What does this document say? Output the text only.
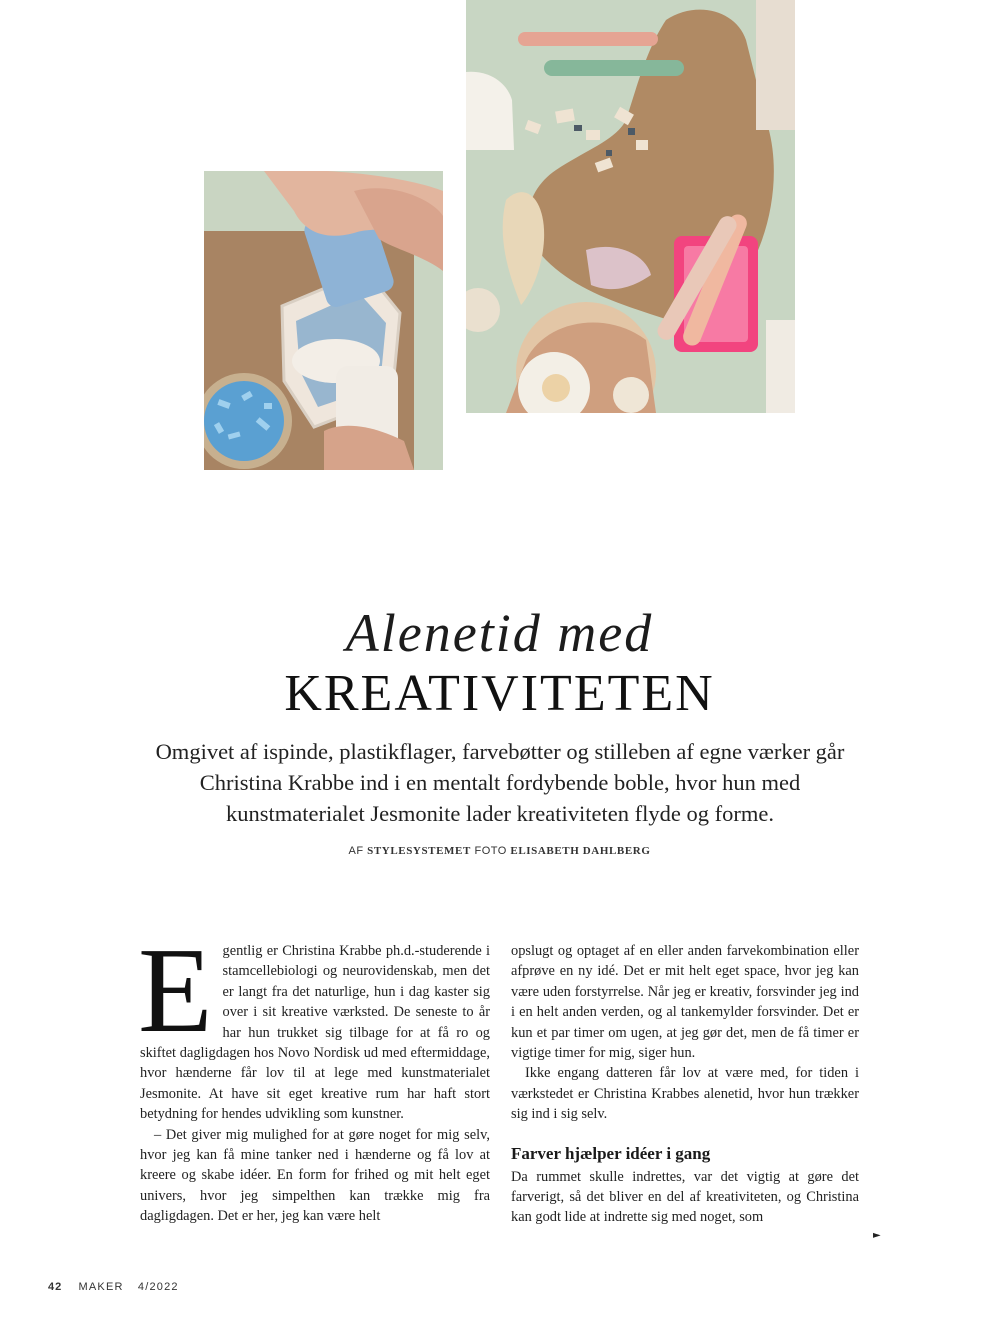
Alenetid med
KREATIVITETEN
Omgivet af ispinde, plastikflager, farvebøtter og stilleben af egne værker går Christina Krabbe ind i en mentalt fordybende boble, hvor hun med kunstmaterialet Jesmonite lader kreativiteten flyde og forme.
AF STYLESYSTEMET FOTO ELISABETH DAHLBERG
E gentlig er Christina Krabbe ph.d.-studerende i stamcellebiologi og neurovidenskab, men det er langt fra det naturlige, hun i dag kaster sig over i sit kreative værksted. De seneste to år har hun trukket sig tilbage for at få ro og skiftet dagligdagen hos Novo Nordisk ud med eftermiddage, hvor hænderne får lov til at lege med kunstmaterialet Jesmonite. At have sit eget kreative rum har haft stort betydning for hendes udvikling som kunstner.

– Det giver mig mulighed for at gøre noget for mig selv, hvor jeg kan få mine tanker ned i hænderne og få lov at kreere og skabe idéer. En form for frihed og mit helt eget univers, hvor jeg simpelthen kan trække mig fra dagligdagen. Det er her, jeg kan være helt

opslugt og optaget af en eller anden farvekombination eller afprøve en ny idé. Det er mit helt eget space, hvor jeg kan være uden forstyrrelse. Når jeg er kreativ, forsvinder jeg ind i en helt anden verden, og al tankemylder forsvinder. Det er kun et par timer om ugen, at jeg gør det, men de få timer er vigtige timer for mig, siger hun.

Ikke engang datteren får lov at være med, for tiden i værkstedet er Christina Krabbes alenetid, hvor hun trækker sig ind i sig selv.

Farver hjælper idéer i gang

Da rummet skulle indrettes, var det vigtig at gøre det farverigt, så det bliver en del af kreativiteten, og Christina kan godt lide at indrette sig med noget, som

►
42 MAKER 4/2022
